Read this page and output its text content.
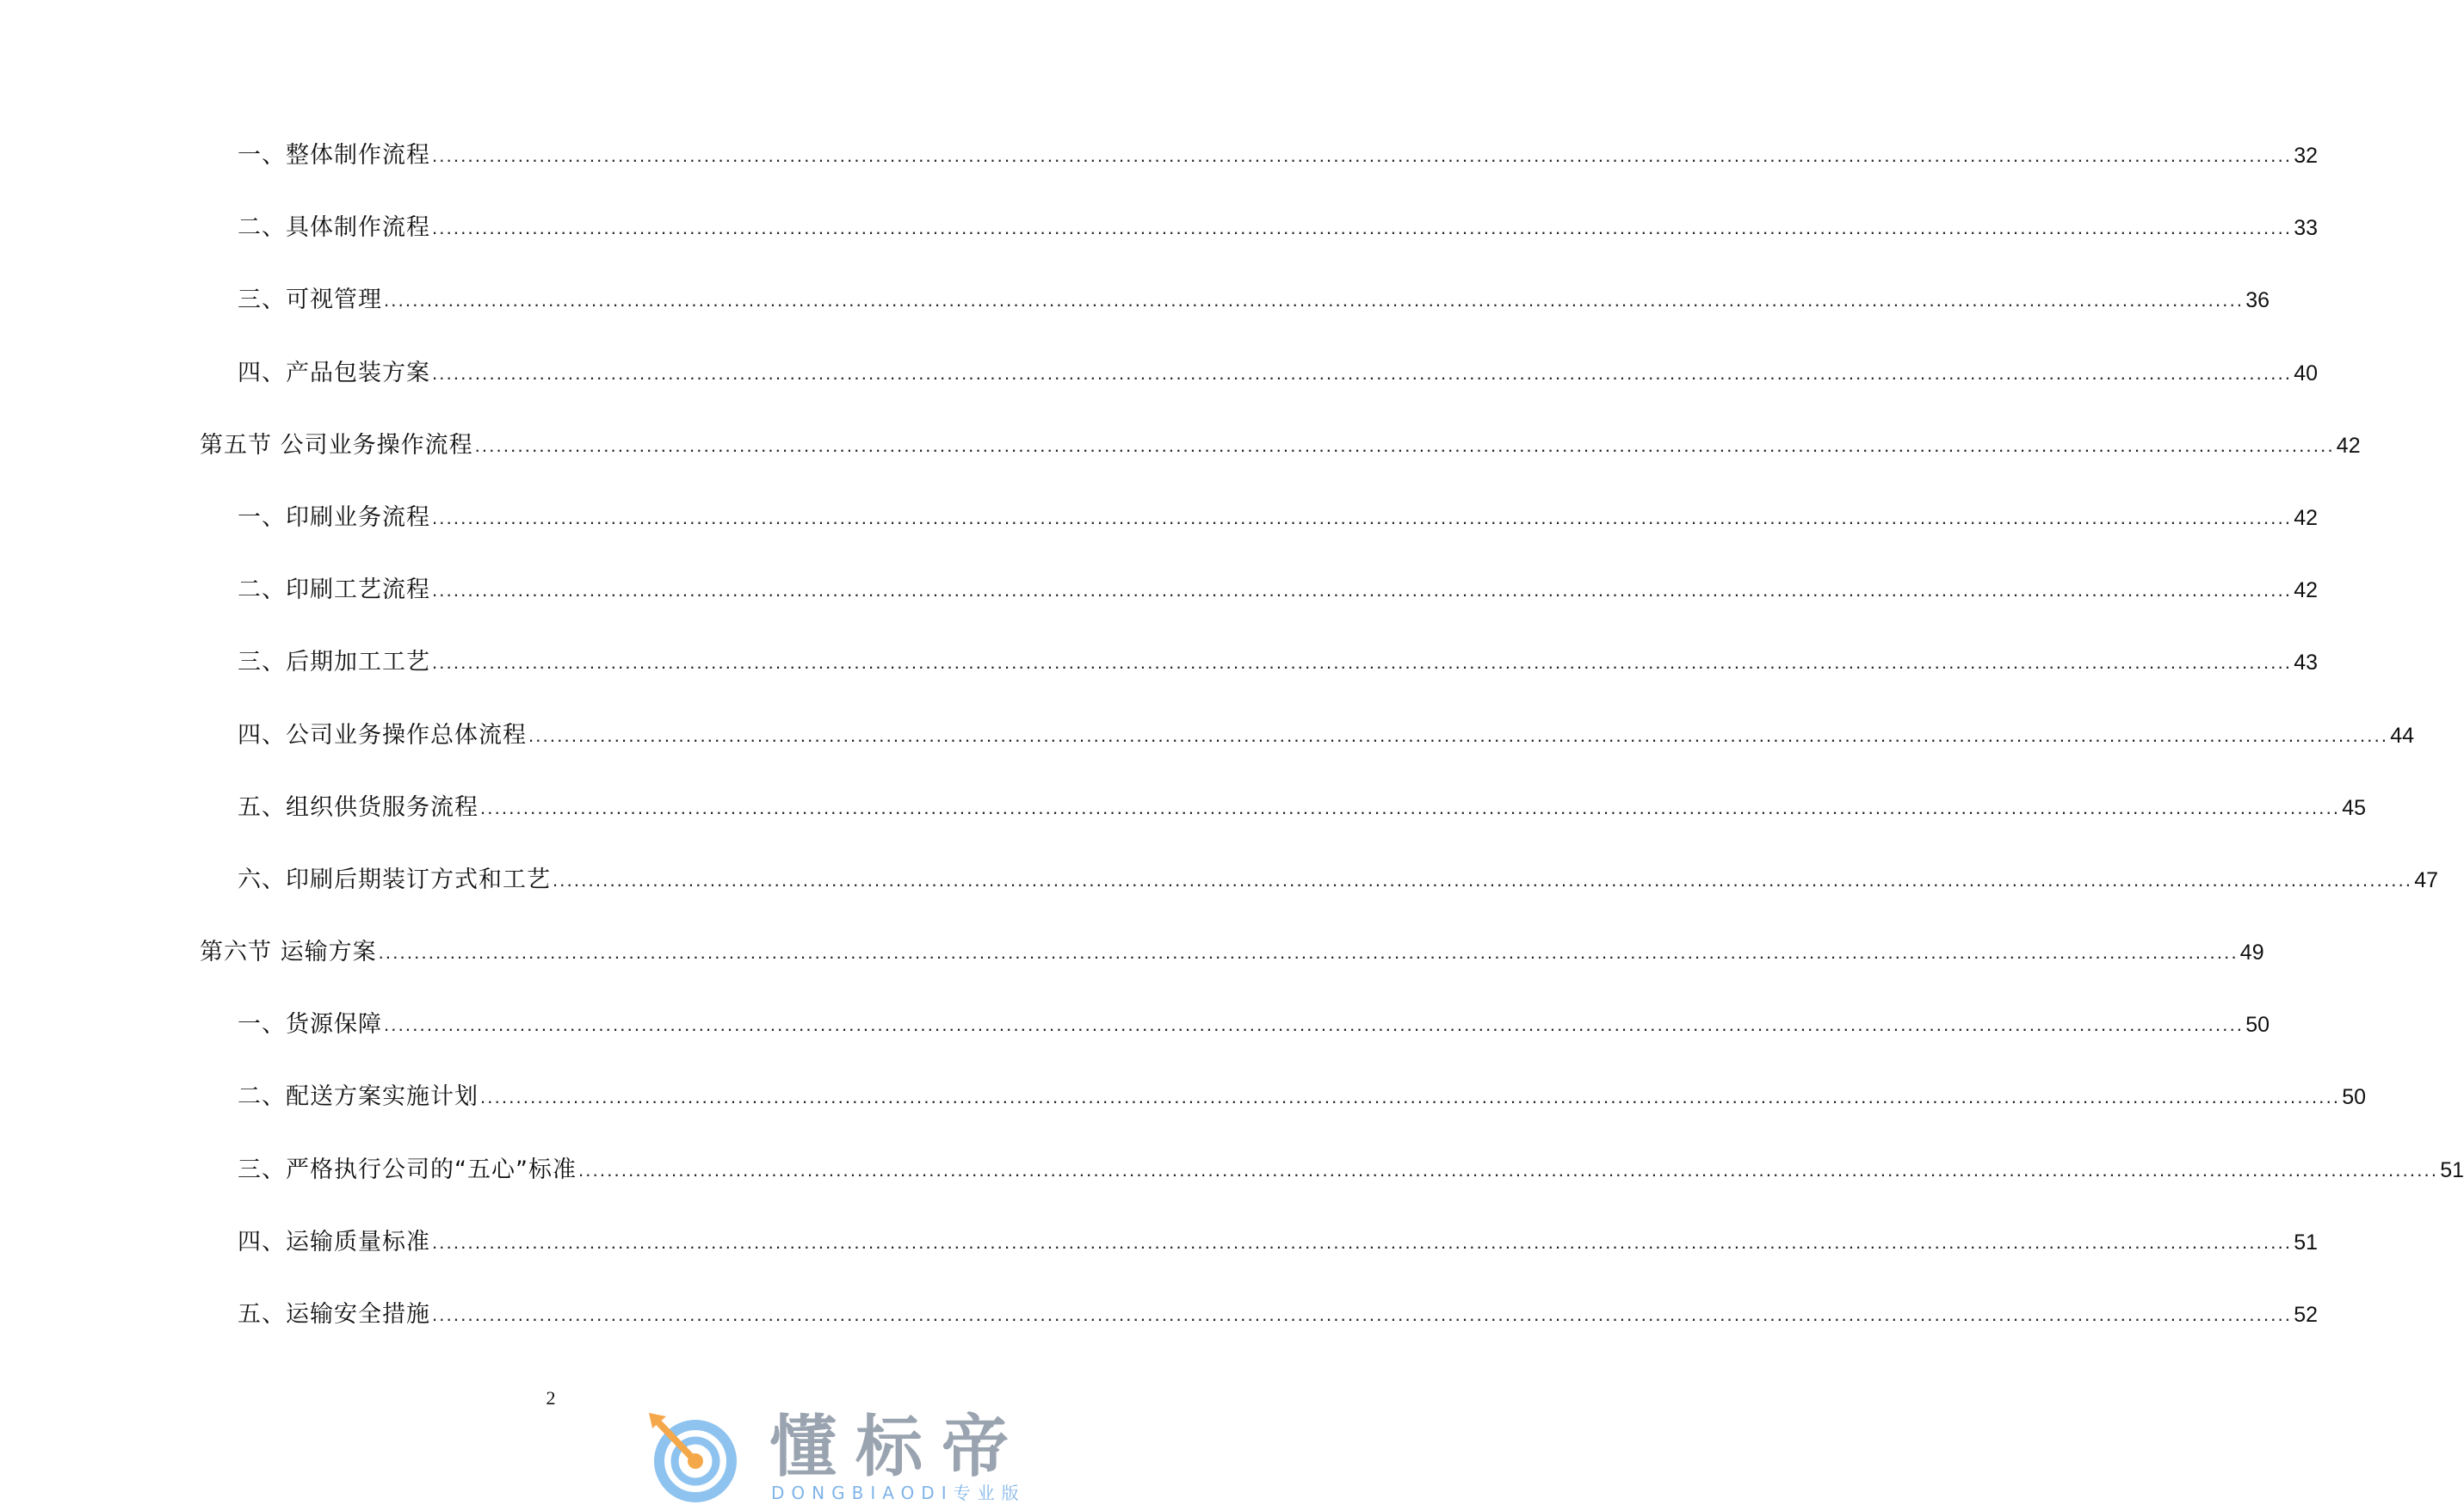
一、整体制作流程 .................................................................................................................................................................................................................................................................... 32
二、具体制作流程 .................................................................................................................................................................................................................................................................... 33
三、可视管理 .................................................................................................................................................................................................................................................................... 36
四、产品包装方案 .................................................................................................................................................................................................................................................................... 40
第五节 公司业务操作流程 .................................................................................................................................................................................................................................................................... 42
一、印刷业务流程 .................................................................................................................................................................................................................................................................... 42
二、印刷工艺流程 .................................................................................................................................................................................................................................................................... 42
三、后期加工工艺 .................................................................................................................................................................................................................................................................... 43
四、公司业务操作总体流程 .................................................................................................................................................................................................................................................................... 44
五、组织供货服务流程 .................................................................................................................................................................................................................................................................... 45
六、印刷后期装订方式和工艺 .................................................................................................................................................................................................................................................................... 47
第六节 运输方案 .................................................................................................................................................................................................................................................................... 49
一、货源保障 .................................................................................................................................................................................................................................................................... 50
二、配送方案实施计划 .................................................................................................................................................................................................................................................................... 50
三、严格执行公司的“五心”标准 .................................................................................................................................................................................................................................................................... 51
四、运输质量标准 .................................................................................................................................................................................................................................................................... 51
五、运输安全措施 .................................................................................................................................................................................................................................................................... 52
2
懂标帝
DONGBIAODI专业版
